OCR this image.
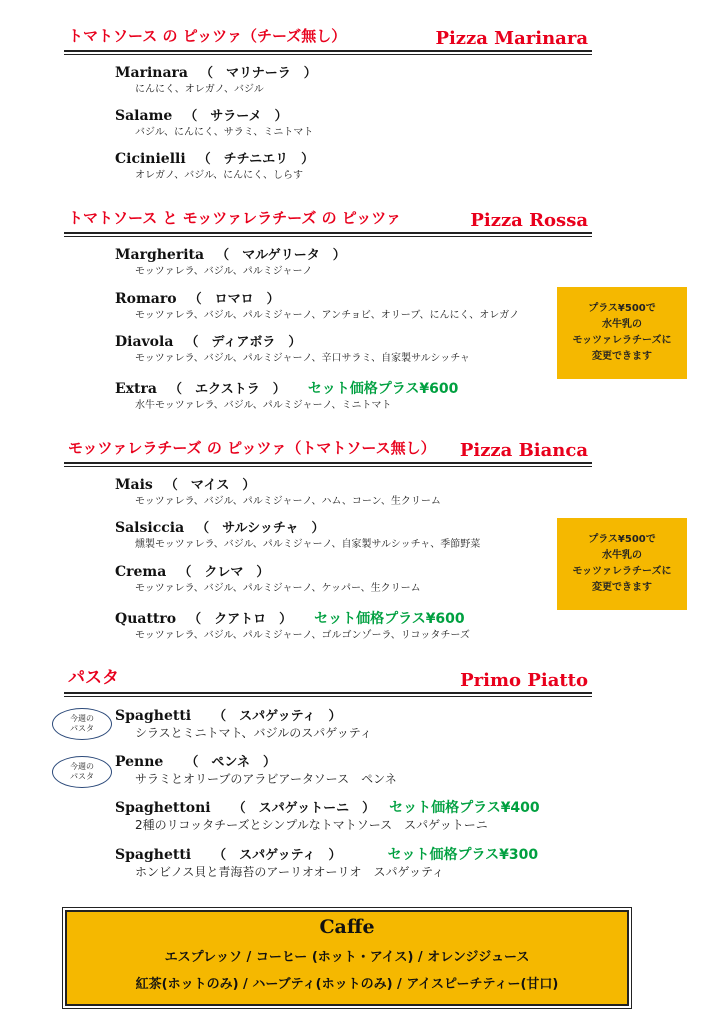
トマトソース の ピッツァ（チーズ無し）	Pizza Marinara
Marinara （　マリナーラ　）
にんにく、オレガノ、バジル
Salame （　サラーメ　）
バジル、にんにく、サラミ、ミニトマト
Cicinielli （　チチニエリ　）
オレガノ、バジル、にんにく、しらす
トマトソース と モッツァレラチーズ の ピッツァ	Pizza Rossa
Margherita （　マルゲリータ　）
モッツァレラ、バジル、パルミジャーノ
Romaro （　ロマロ　）
モッツァレラ、バジル、パルミジャーノ、アンチョビ、オリーブ、にんにく、オレガノ
Diavola （　ディアボラ　）
モッツァレラ、バジル、パルミジャーノ、辛口サラミ、自家製サルシッチャ
Extra （　エクストラ　） セット価格プラス¥600
水牛モッツァレラ、バジル、パルミジャーノ、ミニトマト
プラス¥500で
水牛乳の
モッツァレラチーズに
変更できます
モッツァレラチーズ の ピッツァ（トマトソース無し） Pizza Bianca
Mais （　マイス　）
モッツァレラ、バジル、パルミジャーノ、ハム、コーン、生クリーム
Salsiccia （　サルシッチャ　）
燻製モッツァレラ、バジル、パルミジャーノ、自家製サルシッチャ、季節野菜
Crema （　クレマ　）
モッツァレラ、バジル、パルミジャーノ、ケッパー、生クリーム
Quattro （　クアトロ　） セット価格プラス¥600
モッツァレラ、バジル、パルミジャーノ、ゴルゴンゾーラ、リコッタチーズ
プラス¥500で
水牛乳の
モッツァレラチーズに
変更できます
パスタ	Primo Piatto
今週の
パスタ
今週の
パスタ
Spaghetti （　スパゲッティ　）
シラスとミニトマト、バジルのスパゲッティ
Penne （　ペンネ　）
サラミとオリーブのアラビアータソース　ペンネ
Spaghettoni （　スパゲットーニ　） セット価格プラス¥400
2種のリコッタチーズとシンプルなトマトソース　スパゲットーニ
Spaghetti （　スパゲッティ　）	セット価格プラス¥300
ホンビノス貝と青海苔のアーリオオーリオ　スパゲッティ
Caffe
エスプレッソ / コーヒー (ホット・アイス) / オレンジジュース
紅茶(ホットのみ) / ハーブティ(ホットのみ) / アイスピーチティー(甘口)
